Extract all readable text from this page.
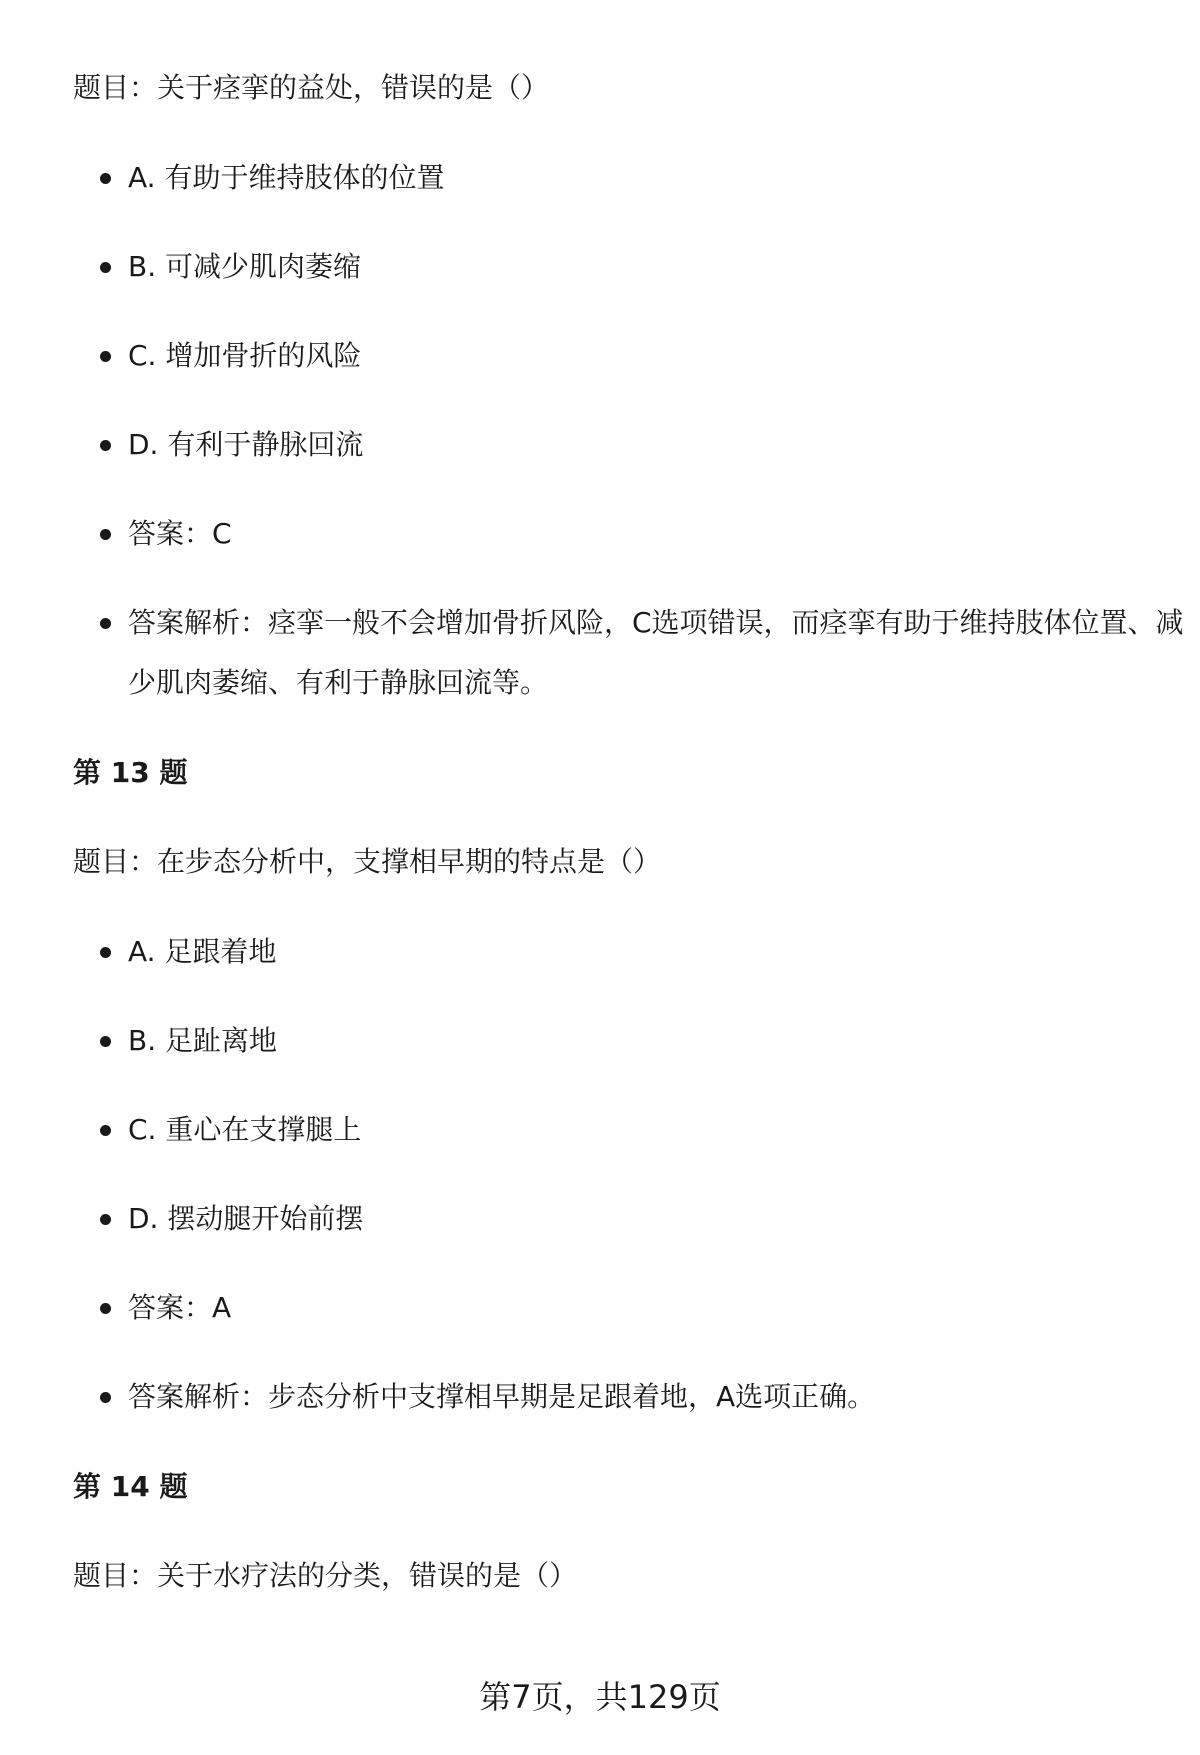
题目：关于痉挛的益处，错误的是（）

A. 有助于维持肢体的位置
B. 可减少肌肉萎缩
C. 增加骨折的风险
D. 有利于静脉回流
答案：C
答案解析：痉挛一般不会增加骨折风险，C选项错误，而痉挛有助于维持肢体位置、减少肌肉萎缩、有利于静脉回流等。

第 13 题

题目：在步态分析中，支撑相早期的特点是（）

A. 足跟着地
B. 足趾离地
C. 重心在支撑腿上
D. 摆动腿开始前摆
答案：A
答案解析：步态分析中支撑相早期是足跟着地，A选项正确。

第 14 题

题目：关于水疗法的分类，错误的是（）

第7页，共129页
